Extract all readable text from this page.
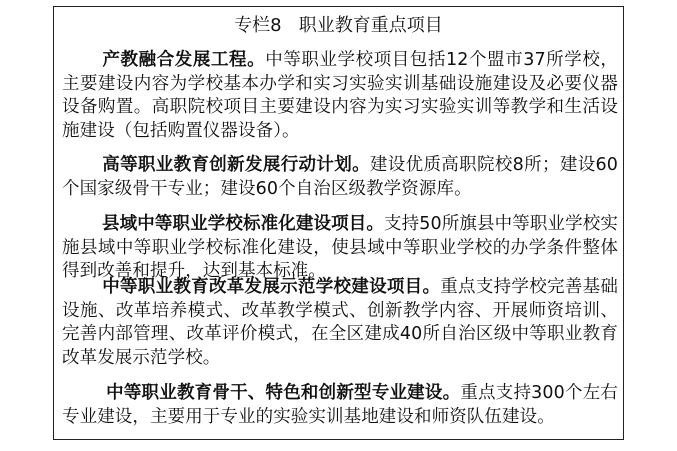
专栏8   职业教育重点项目
产教融合发展工程。中等职业学校项目包括12个盟市37所学校，主要建设内容为学校基本办学和实习实验实训基础设施建设及必要仪器设备购置。高职院校项目主要建设内容为实习实验实训等教学和生活设施建设（包括购置仪器设备）。
高等职业教育创新发展行动计划。建设优质高职院校8所；建设60个国家级骨干专业；建设60个自治区级教学资源库。
县域中等职业学校标准化建设项目。支持50所旗县中等职业学校实施县域中等职业学校标准化建设，使县域中等职业学校的办学条件整体得到改善和提升，达到基本标准。
中等职业教育改革发展示范学校建设项目。重点支持学校完善基础设施、改革培养模式、改革教学模式、创新教学内容、开展师资培训、完善内部管理、改革评价模式，在全区建成40所自治区级中等职业教育改革发展示范学校。
中等职业教育骨干、特色和创新型专业建设。重点支持300个左右专业建设，主要用于专业的实验实训基地建设和师资队伍建设。
